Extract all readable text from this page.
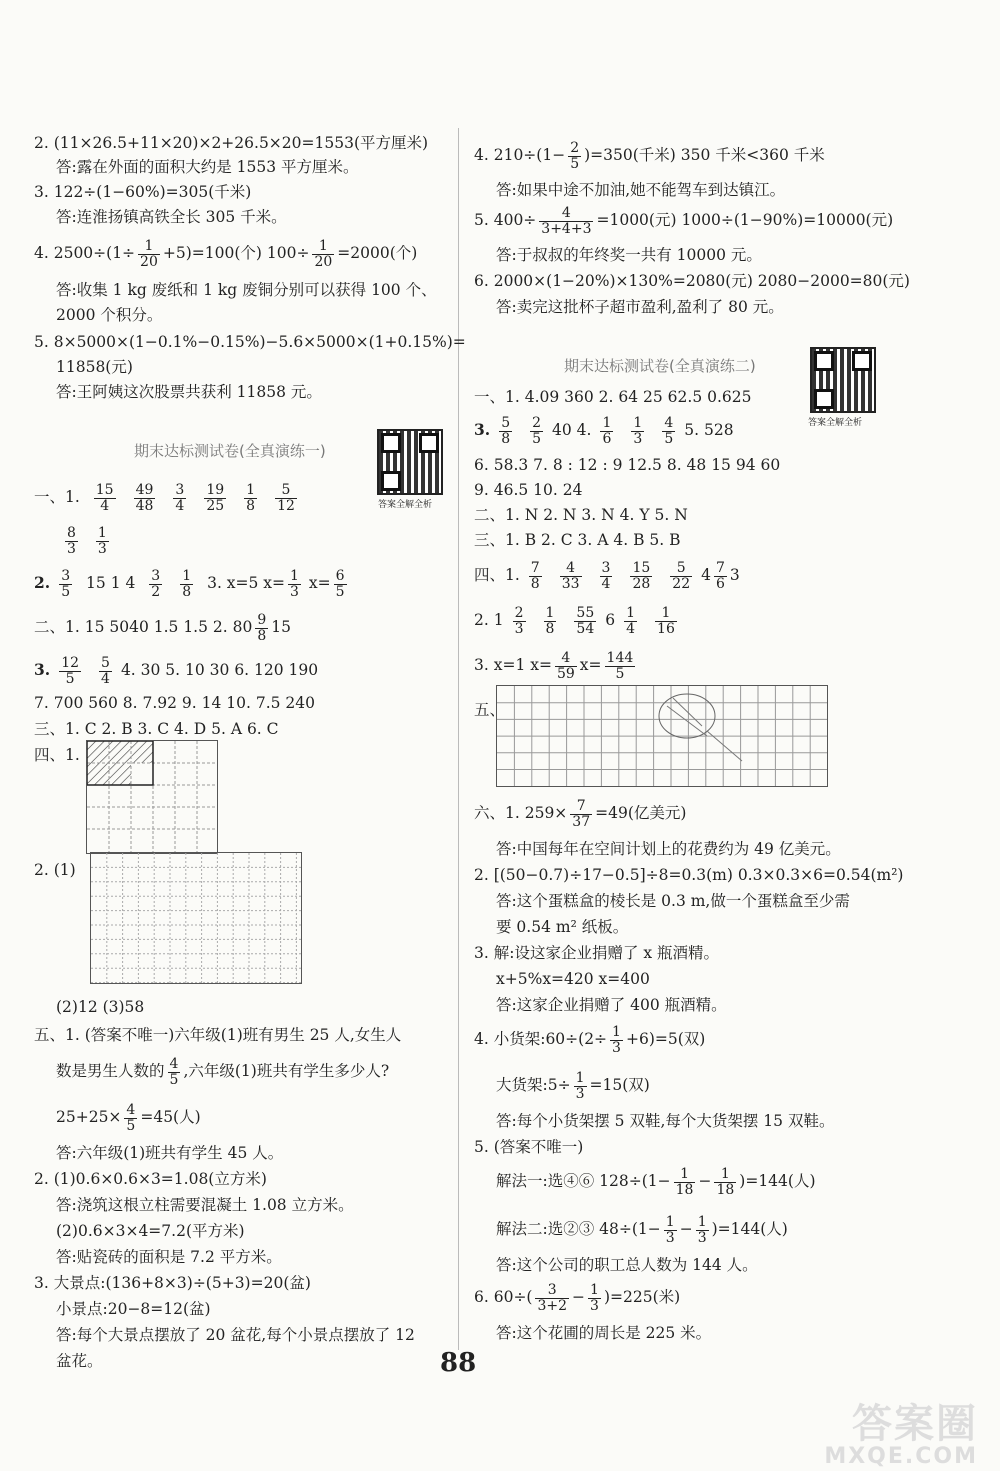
2. (11×26.5+11×20)×2+26.5×20=1553(平方厘米)
答:露在外面的面积大约是 1553 平方厘米。
3. 122÷(1−60%)=305(千米)
答:连淮扬镇高铁全长 305 千米。
4. $2500\div(1\div \frac{1}{20} +5)=100$(个) $100\div \frac{1}{20} =2000$(个)
答:收集 1 kg 废纸和 1 kg 废铜分别可以获得 100 个、
2000 个积分。
5. 8×5000×(1−0.1%−0.15%)−5.6×5000×(1+0.15%)=
11858(元)
答:王阿姨这次股票共获利 11858 元。
期末达标测试卷(全真演练一)
答案全解全析
一、1. $\frac{15}{4} \frac{49}{48} \frac{3}{4} \frac{19}{25} \frac{1}{8} \frac{5}{12}$
$\frac{8}{3} \frac{1}{3}$
2. $\frac{3}{5} 15$ 1 $4 \frac{3}{2} \frac{1}{8} 3$. x=5 $x= \frac{1}{3} x= \frac{6}{5}$
二、1. 15 5040 1.5 1.5 2. $80 \frac{9}{8} 15$
3. $\frac{12}{5} \frac{5}{4} 4$. 30 5. 10 30 6. 120 190
7. 700 560 8. 7.92 9. 14 10. 7.5 240
三、1. C 2. B 3. C 4. D 5. A 6. C
四、1.
2. (1)
(2)12 (3)58
五、1. (答案不唯一)六年级(1)班有男生 25 人,女生人
数是男生人数的 $\frac{4}{5}$ ,六年级(1)班共有学生多少人?
$25+25\times \frac{4}{5} =45$(人)
答:六年级(1)班共有学生 45 人。
2. (1)0.6×0.6×3=1.08(立方米)
答:浇筑这根立柱需要混凝土 1.08 立方米。
(2)0.6×3×4=7.2(平方米)
答:贴瓷砖的面积是 7.2 平方米。
3. 大景点:(136+8×3)÷(5+3)=20(盆)
小景点:20−8=12(盆)
答:每个大景点摆放了 20 盆花,每个小景点摆放了 12
盆花。
4. $210\div(1- \frac{2}{5} )=350$(千米) 350 千米<360 千米
答:如果中途不加油,她不能驾车到达镇江。
5. $400\div \frac{4}{3+4+3} =1000$(元) 1000÷(1−90%)=10000(元)
答:于叔叔的年终奖一共有 10000 元。
6. 2000×(1−20%)×130%=2080(元) 2080−2000=80(元)
答:卖完这批杯子超市盈利,盈利了 80 元。
期末达标测试卷(全真演练二)
答案全解全析
一、1. 4.09 360 2. 64 25 62.5 0.625
3. $\frac{5}{8} \frac{2}{5} 40$ 4. $\frac{1}{6} \frac{1}{3} \frac{4}{5} 5$. 528
6. 58.3 7. 8 : 12 : 9 12.5 8. 48 15 94 60
9. 46.5 10. 24
二、1. N 2. N 3. N 4. Y 5. N
三、1. B 2. C 3. A 4. B 5. B
四、1. $\frac{7}{8} \frac{4}{33} \frac{3}{4} \frac{15}{28} \frac{5}{22} 4 \frac{7}{6} 3$
2. $1 \frac{2}{3} \frac{1}{8} \frac{55}{54} 6 \frac{1}{4} \frac{1}{16}$
3. x=1 $x= \frac{4}{59} x= \frac{144}{5}$
五、
六、1. $259\times \frac{7}{37} =49$(亿美元)
答:中国每年在空间计划上的花费约为 49 亿美元。
2. [(50−0.7)÷17−0.5]÷8=0.3(m) 0.3×0.3×6=0.54(m²)
答:这个蛋糕盒的棱长是 0.3 m,做一个蛋糕盒至少需
要 0.54 m² 纸板。
3. 解:设这家企业捐赠了 x 瓶酒精。
x+5%x=420 x=400
答:这家企业捐赠了 400 瓶酒精。
4. 小货架:60÷(2÷ $\frac{1}{3} +6)=5$(双)
大货架:5÷ $\frac{1}{3} =15$(双)
答:每个小货架摆 5 双鞋,每个大货架摆 15 双鞋。
5. (答案不唯一)
解法一:选④⑥ $128\div(1- \frac{1}{18} - \frac{1}{18} )=144$(人)
解法二:选②③ $48\div(1- \frac{1}{3} - \frac{1}{3} )=144$(人)
答:这个公司的职工总人数为 144 人。
6. $60\div( \frac{3}{3+2} - \frac{1}{3} )=225$(米)
答:这个花圃的周长是 225 米。
88
答案圈
MXQE.COM
